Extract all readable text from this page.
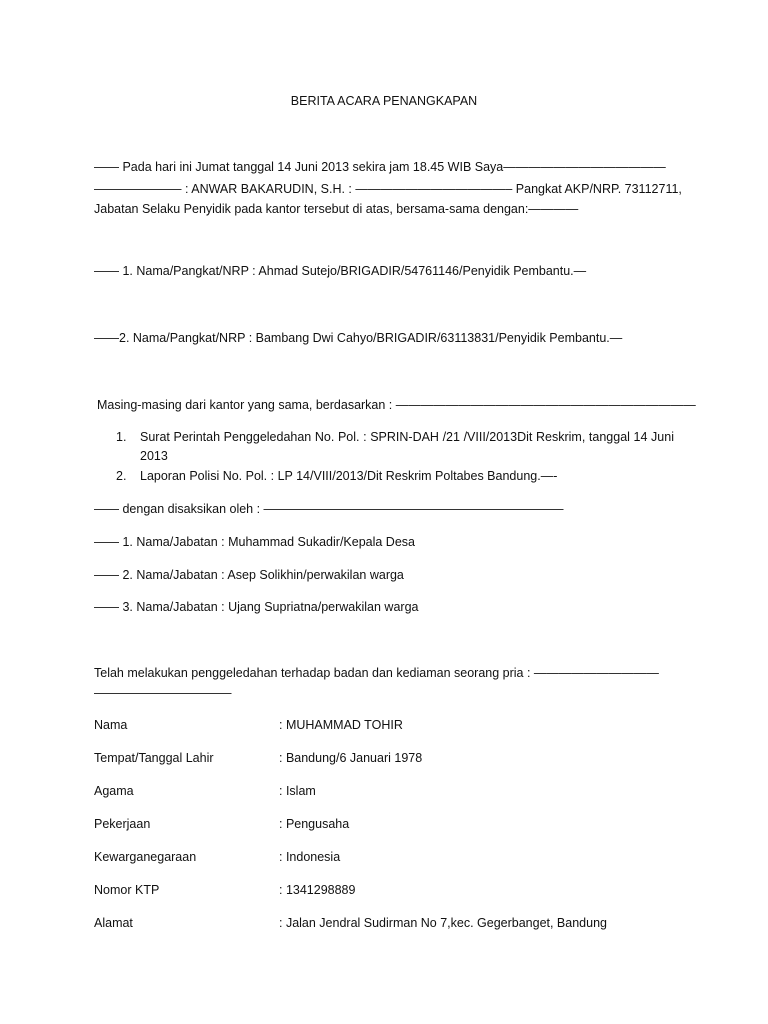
BERITA ACARA PENANGKAPAN
—— Pada hari ini Jumat tanggal 14 Juni 2013 sekira jam 18.45 WIB Saya—————————————
——————— : ANWAR BAKARUDIN, S.H. : ————————————– Pangkat AKP/NRP. 73112711,
Jabatan Selaku Penyidik pada kantor tersebut di atas, bersama-sama dengan:————
—— 1. Nama/Pangkat/NRP : Ahmad Sutejo/BRIGADIR/54761146/Penyidik Pembantu.—
——2. Nama/Pangkat/NRP : Bambang Dwi Cahyo/BRIGADIR/63113831/Penyidik Pembantu.—
Masing-masing dari kantor yang sama, berdasarkan : ————————————————————————
1.	Surat Perintah Penggeledahan No. Pol. : SPRIN-DAH /21 /VIII/2013Dit Reskrim, tanggal 14 Juni 2013
2.	Laporan Polisi No. Pol. : LP 14/VIII/2013/Dit Reskrim Poltabes Bandung.—-
—— dengan disaksikan oleh : ————————————————————————
—— 1. Nama/Jabatan : Muhammad Sukadir/Kepala Desa
—— 2. Nama/Jabatan : Asep Solikhin/perwakilan warga
—— 3. Nama/Jabatan : Ujang Supriatna/perwakilan warga
Telah melakukan penggeledahan terhadap badan dan kediaman seorang pria : ——————————
———————————
Nama	: MUHAMMAD TOHIR
Tempat/Tanggal Lahir	: Bandung/6 Januari 1978
Agama	: Islam
Pekerjaan	: Pengusaha
Kewarganegaraan	: Indonesia
Nomor KTP	: 1341298889
Alamat	: Jalan Jendral Sudirman No 7,kec. Gegerbanget, Bandung
